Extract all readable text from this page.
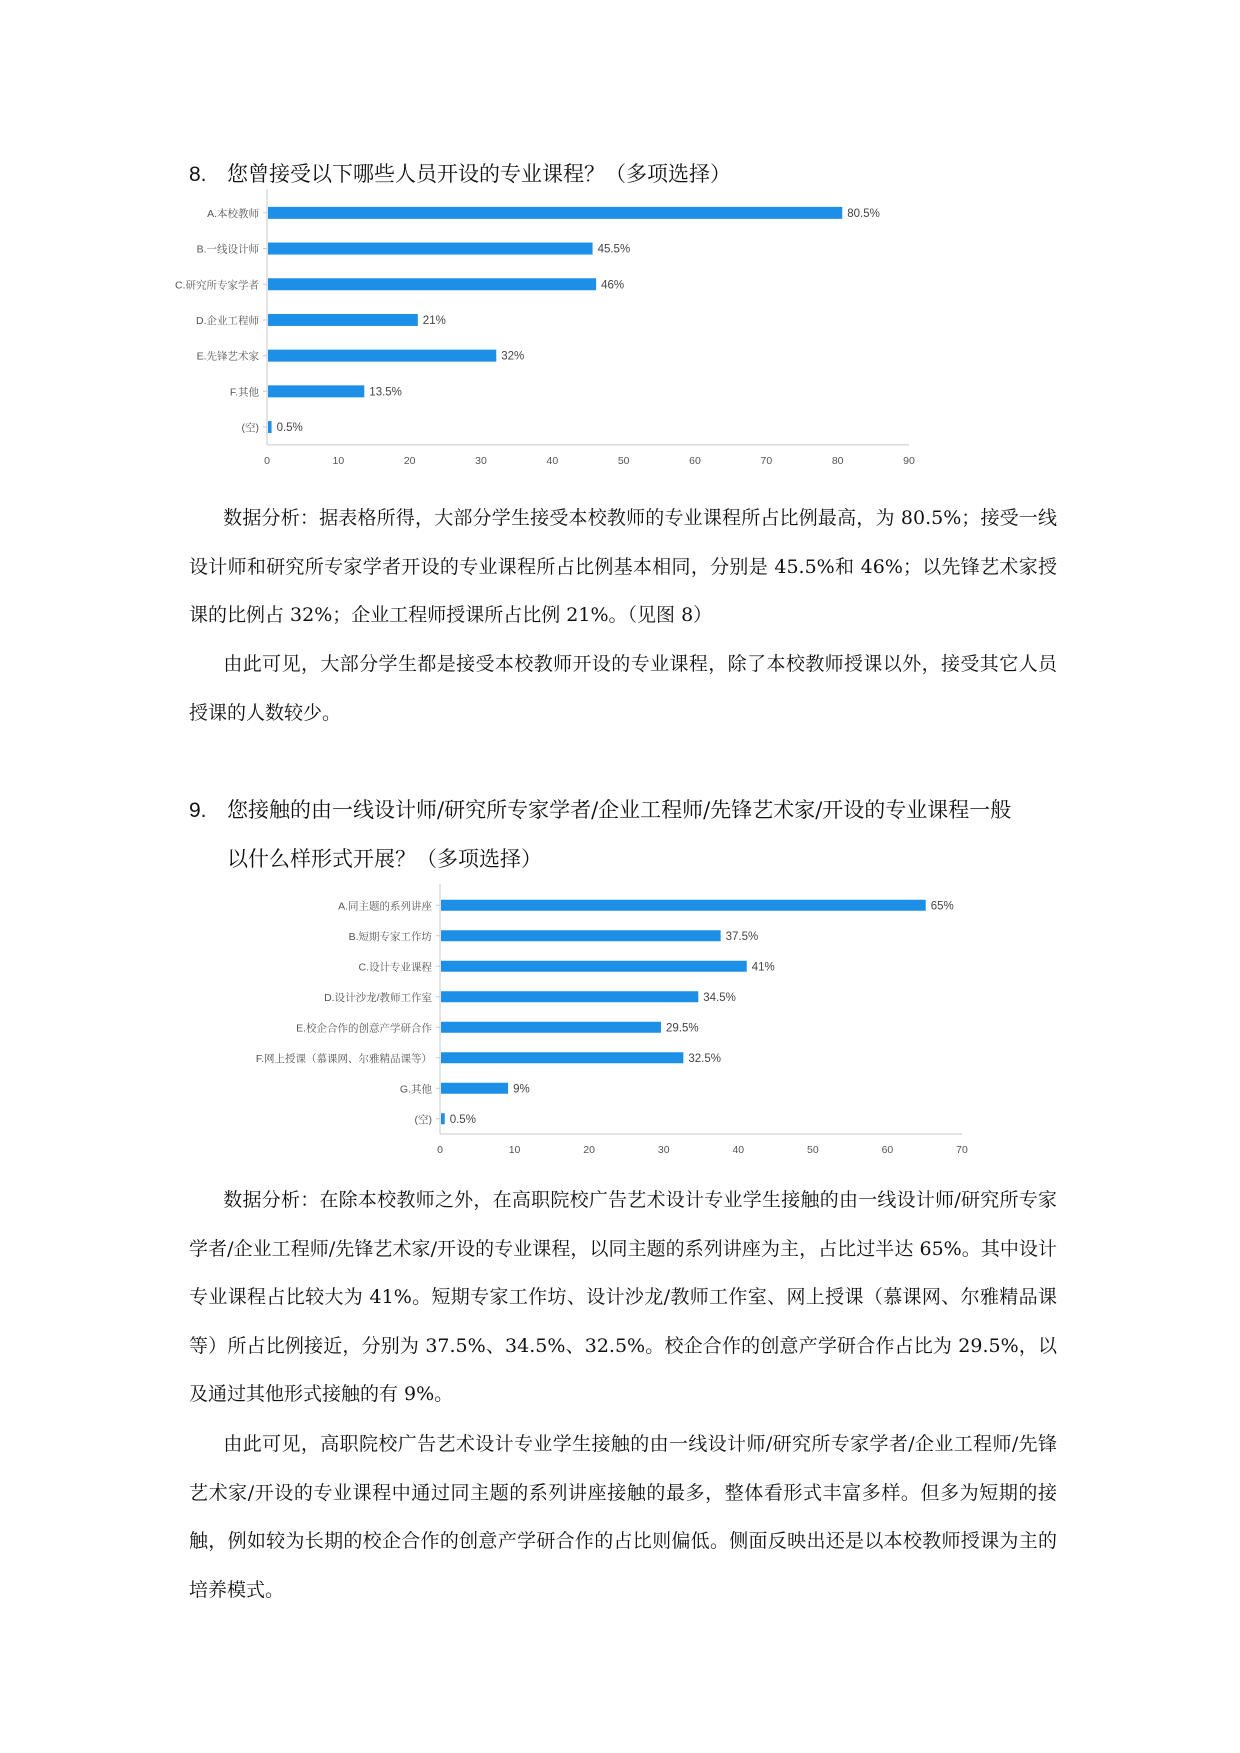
8. 您曾接受以下哪些人员开设的专业课程？（多项选择）
A.本校教师	80.5%
B.一线设计师	45.5%
C.研究所专家学者	46%
D.企业工程师	21%
E.先锋艺术家	32%
F.其他	13.5%
(空) 0.5%
0	10	20	30	40	50	60	70	80	90

数据分析：据表格所得，大部分学生接受本校教师的专业课程所占比例最高，为 80.5%；接受一线设计师和研究所专家学者开设的专业课程所占比例基本相同，分别是 45.5%和 46%；以先锋艺术家授课的比例占 32%；企业工程师授课所占比例 21%。（见图 8）

由此可见，大部分学生都是接受本校教师开设的专业课程，除了本校教师授课以外，接受其它人员授课的人数较少。

9. 您接触的由一线设计师/研究所专家学者/企业工程师/先锋艺术家/开设的专业课程一般
以什么样形式开展？（多项选择）
A.同主题的系列讲座	65%
B.短期专家工作坊	37.5%
C.设计专业课程	41%
D.设计沙龙/教师工作室	34.5%
E.校企合作的创意产学研合作	29.5%
F.网上授课（慕课网、尔雅精品课等）	32.5%
G.其他	9%
(空) 0.5%
0	10	20	30	40	50	60	70

数据分析：在除本校教师之外，在高职院校广告艺术设计专业学生接触的由一线设计师/研究所专家学者/企业工程师/先锋艺术家/开设的专业课程，以同主题的系列讲座为主，占比过半达 65%。其中设计专业课程占比较大为 41%。短期专家工作坊、设计沙龙/教师工作室、网上授课（慕课网、尔雅精品课等）所占比例接近，分别为 37.5%、34.5%、32.5%。校企合作的创意产学研合作占比为 29.5%，以及通过其他形式接触的有 9%。

由此可见，高职院校广告艺术设计专业学生接触的由一线设计师/研究所专家学者/企业工程师/先锋艺术家/开设的专业课程中通过同主题的系列讲座接触的最多，整体看形式丰富多样。但多为短期的接触，例如较为长期的校企合作的创意产学研合作的占比则偏低。侧面反映出还是以本校教师授课为主的培养模式。
